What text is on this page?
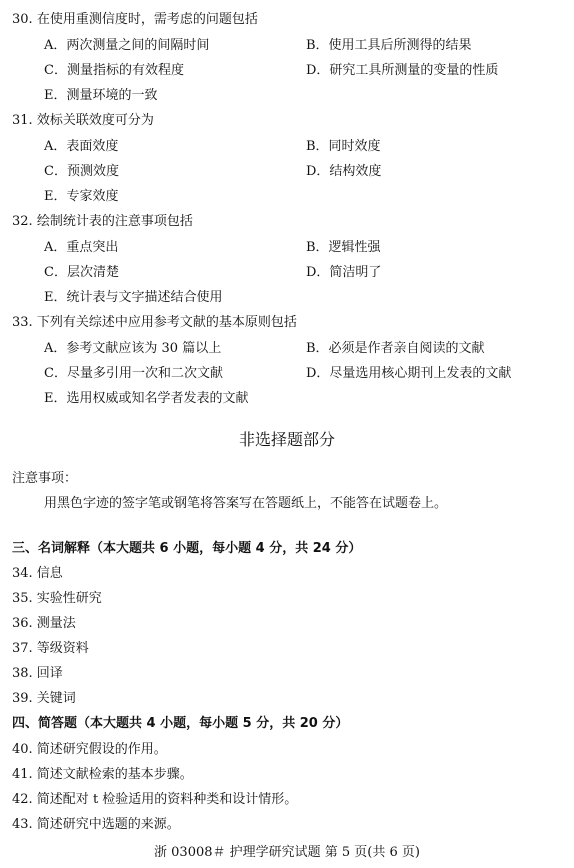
30. 在使用重测信度时，需考虑的问题包括
A．两次测量之间的间隔时间	B．使用工具后所测得的结果
C．测量指标的有效程度	D．研究工具所测量的变量的性质
E．测量环境的一致
31. 效标关联效度可分为
A．表面效度	B．同时效度
C．预测效度	D．结构效度
E．专家效度
32. 绘制统计表的注意事项包括
A．重点突出	B．逻辑性强
C．层次清楚	D．简洁明了
E．统计表与文字描述结合使用
33. 下列有关综述中应用参考文献的基本原则包括
A．参考文献应该为 30 篇以上	B．必须是作者亲自阅读的文献
C．尽量多引用一次和二次文献	D．尽量选用核心期刊上发表的文献
E．选用权威或知名学者发表的文献
非选择题部分
注意事项：
用黑色字迹的签字笔或钢笔将答案写在答题纸上，不能答在试题卷上。
三、名词解释（本大题共 6 小题，每小题 4 分，共 24 分）
34. 信息
35. 实验性研究
36. 测量法
37. 等级资料
38. 回译
39. 关键词
四、简答题（本大题共 4 小题，每小题 5 分，共 20 分）
40. 简述研究假设的作用。
41. 简述文献检索的基本步骤。
42. 简述配对 t 检验适用的资料种类和设计情形。
43. 简述研究中选题的来源。
浙 03008＃ 护理学研究试题 第 5 页(共 6 页)
